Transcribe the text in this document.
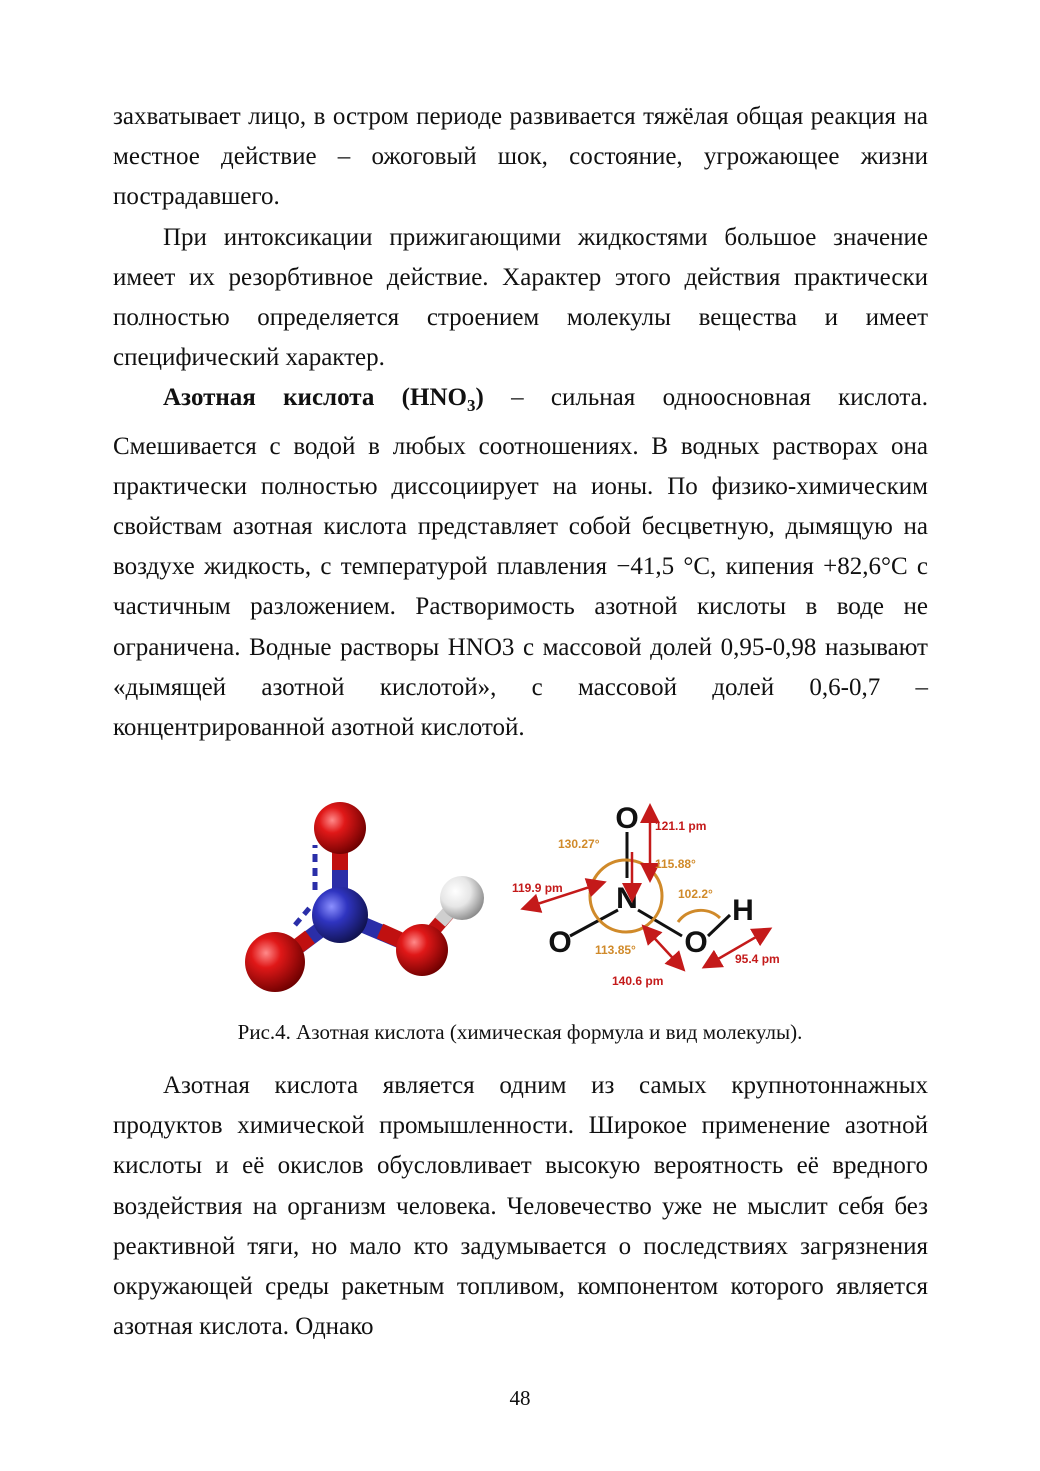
захватывает лицо, в остром периоде развивается тяжёлая общая реакция на местное действие – ожоговый шок, состояние, угрожающее жизни пострадавшего.

При интоксикации прижигающими жидкостями большое значение имеет их резорбтивное действие. Характер этого действия практически полностью определяется строением молекулы вещества и имеет специфический характер.

Азотная кислота $(HNO_3)$ – сильная одноосновная кислота. Смешивается с водой в любых соотношениях. В водных растворах она практически полностью диссоциирует на ионы. По физико-химическим свойствам азотная кислота представляет собой бесцветную, дымящую на воздухе жидкость, с температурой плавления −41,5 °C, кипения +82,6°C с частичным разложением. Растворимость азотной кислоты в воде не ограничена. Водные растворы HNO3 с массовой долей 0,95-0,98 называют «дымящей азотной кислотой», с массовой долей 0,6-0,7 – концентрированной азотной кислотой.

O
N
O	O
H
121.1 pm
130.27°
115.88°
119.9 pm	102.2°
113.85°
140.6 pm
95.4 pm
Рис.4. Азотная кислота (химическая формула и вид молекулы).

Азотная кислота является одним из самых крупнотоннажных продуктов химической промышленности. Широкое применение азотной кислоты и её окислов обусловливает высокую вероятность её вредного воздействия на организм человека. Человечество уже не мыслит себя без реактивной тяги, но мало кто задумывается о последствиях загрязнения окружающей среды ракетным топливом, компонентом которого является азотная кислота. Однако

48
